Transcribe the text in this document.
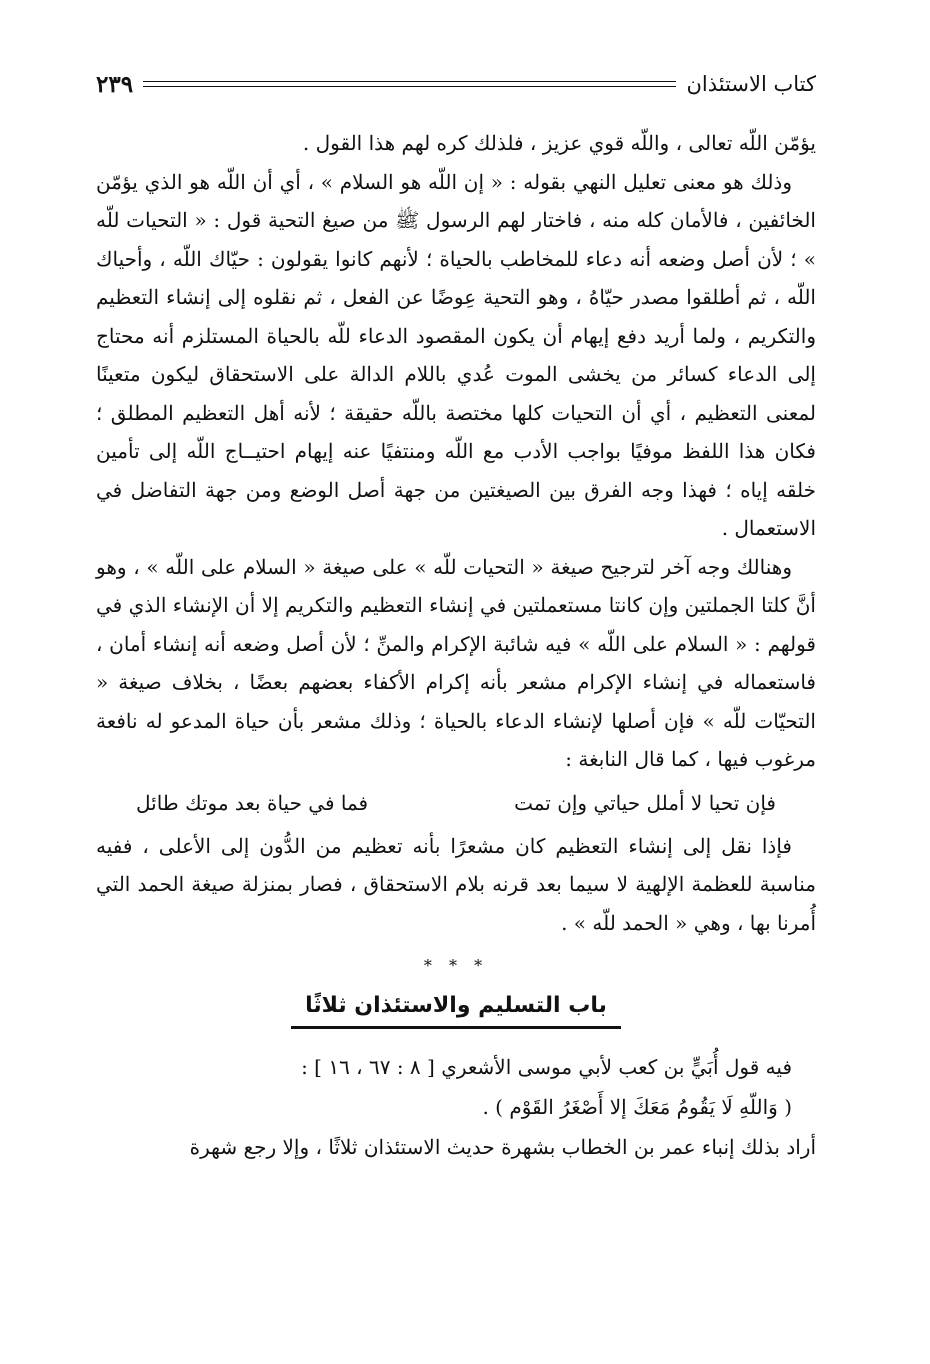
كتاب الاستئذان
٢٣٩

يؤمّن اللّه تعالى ، واللّه قوي عزيز ، فلذلك كره لهم هذا القول .

وذلك هو معنى تعليل النهي بقوله : « إن اللّه هو السلام » ، أي أن اللّه هو الذي يؤمّن الخائفين ، فالأمان كله منه ، فاختار لهم الرسول ﷺ من صيغ التحية قول : « التحيات للّه » ؛ لأن أصل وضعه أنه دعاء للمخاطب بالحياة ؛ لأنهم كانوا يقولون : حيّاك اللّه ، وأحياك اللّه ، ثم أطلقوا مصدر حيّاهُ ، وهو التحية عِوضًا عن الفعل ، ثم نقلوه إلى إنشاء التعظيم والتكريم ، ولما أريد دفع إيهام أن يكون المقصود الدعاء للّه بالحياة المستلزم أنه محتاج إلى الدعاء كسائر من يخشى الموت عُدي باللام الدالة على الاستحقاق ليكون متعينًا لمعنى التعظيم ، أي أن التحيات كلها مختصة باللّه حقيقة ؛ لأنه أهل التعظيم المطلق ؛ فكان هذا اللفظ موفيًا بواجب الأدب مع اللّه ومنتفيًا عنه إيهام احتيــاج اللّه إلى تأمين خلقه إياه ؛ فهذا وجه الفرق بين الصيغتين من جهة أصل الوضع ومن جهة التفاضل في الاستعمال .

وهنالك وجه آخر لترجيح صيغة « التحيات للّه » على صيغة « السلام على اللّه » ، وهو أنَّ كلتا الجملتين وإن كانتا مستعملتين في إنشاء التعظيم والتكريم إلا أن الإنشاء الذي في قولهم : « السلام على اللّه » فيه شائبة الإكرام والمنِّ ؛ لأن أصل وضعه أنه إنشاء أمان ، فاستعماله في إنشاء الإكرام مشعر بأنه إكرام الأكفاء بعضهم بعضًا ، بخلاف صيغة « التحيّات للّه » فإن أصلها لإنشاء الدعاء بالحياة ؛ وذلك مشعر بأن حياة المدعو له نافعة مرغوب فيها ، كما قال النابغة :

فإن تحيا لا أملل حياتي وإن تمت
فما في حياة بعد موتك طائل

فإذا نقل إلى إنشاء التعظيم كان مشعرًا بأنه تعظيم من الدُّون إلى الأعلى ، ففيه مناسبة للعظمة الإلهية لا سيما بعد قرنه بلام الاستحقاق ، فصار بمنزلة صيغة الحمد التي أُمرنا بها ، وهي « الحمد للّه » .

* * *
باب التسليم والاستئذان ثلاثًا

فيه قول أُبَيٍّ بن كعب لأبي موسى الأشعري [ ٨ : ٦٧ ، ١٦ ] :

( وَاللّهِ لَا يَقُومُ مَعَكَ إلا أَصْغَرُ القَوْم ) .

أراد بذلك إنباء عمر بن الخطاب بشهرة حديث الاستئذان ثلاثًا ، وإلا رجع شهرة
